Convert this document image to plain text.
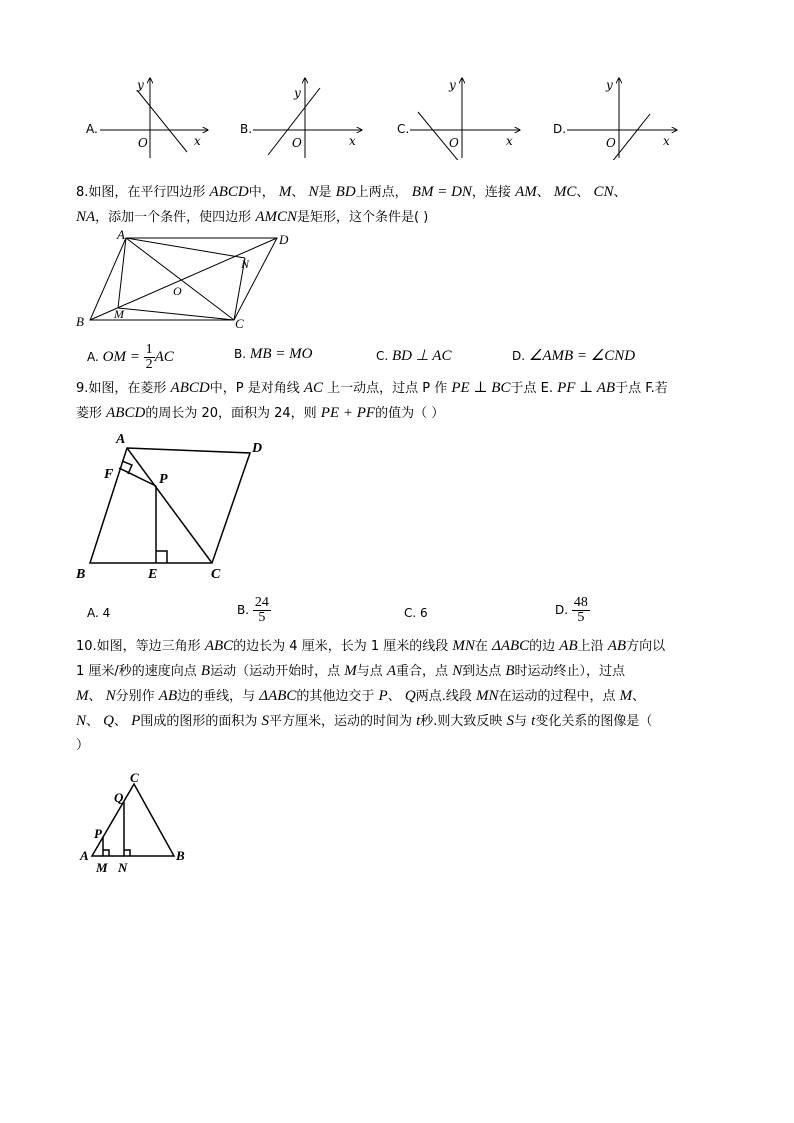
A.	B.	C.	D.
y
x
O
y
x
O
y
x
O
y
x
O
8.如图，在平行四边形 ABCD中， M、 N是 BD上两点， BM = DN，连接 AM、 MC、 CN、
NA，添加一个条件，使四边形 AMCN是矩形，这个条件是( )
A	D
B	C
M
N
O
A. OM = $\frac{1}{2}$ AC	B. MB = MO	C. BD ⊥ AC	D. ∠AMB = ∠CND
9.如图，在菱形 ABCD中，P 是对角线 AC 上一动点，过点 P 作 PE ⊥ BC于点 E. PF ⊥ AB于点 F.若
菱形 ABCD的周长为 20，面积为 24，则 PE + PF的值为（ ）
A
D
B	C
E
F	P
A. 4	B. $\frac{24}{5}$	C. 6	D. $\frac{48}{5}$
10.如图，等边三角形 ABC的边长为 4 厘米，长为 1 厘米的线段 MN在 ΔABC的边 AB上沿 AB方向以
1 厘米/秒的速度向点 B运动（运动开始时，点 M与点 A重合，点 N到达点 B时运动终止），过点
M、 N分别作 AB边的垂线，与 ΔABC的其他边交于 P、 Q两点.线段 MN在运动的过程中，点 M、
N、 Q、 P围成的图形的面积为 S平方厘米，运动的时间为 t秒.则大致反映 S与 t变化关系的图像是（
）
C
Q
P
A	B
M N
